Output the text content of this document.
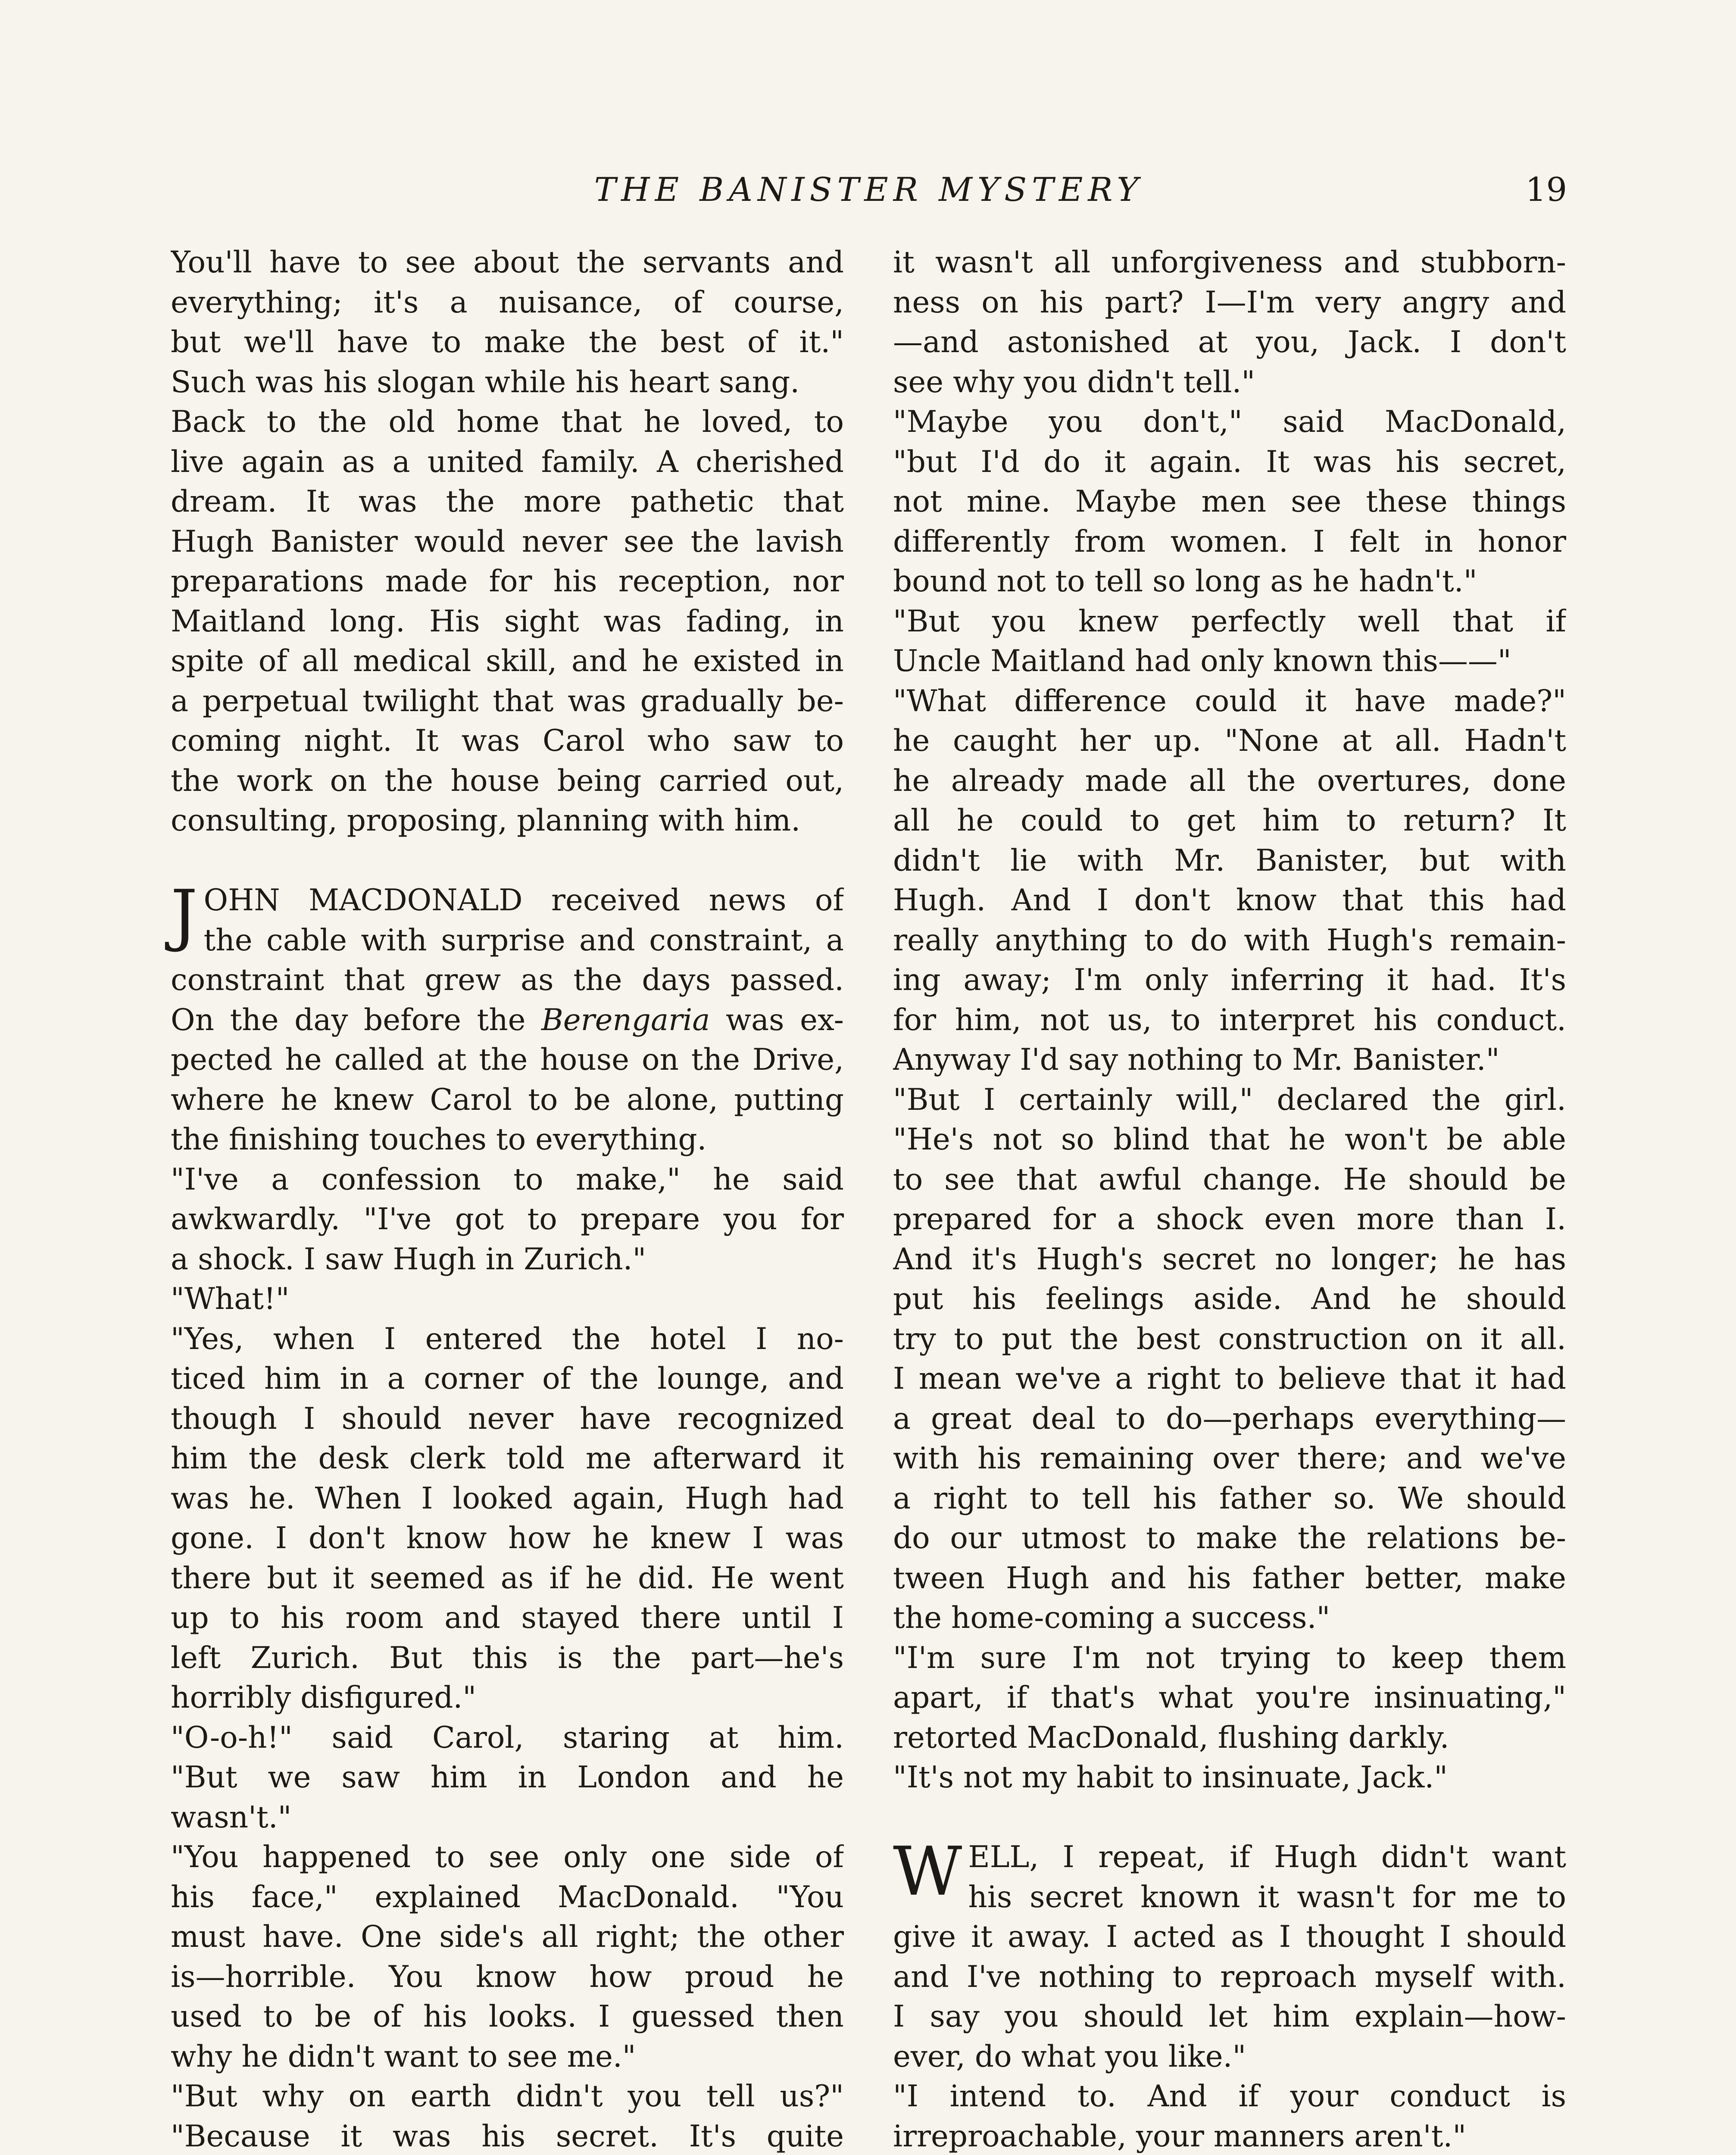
THE BANISTER MYSTERY	19
You'll have to see about the servants and
everything; it's a nuisance, of course,
but we'll have to make the best of it."
Such was his slogan while his heart sang.
Back to the old home that he loved, to
live again as a united family. A cherished
dream. It was the more pathetic that
Hugh Banister would never see the lavish
preparations made for his reception, nor
Maitland long. His sight was fading, in
spite of all medical skill, and he existed in
a perpetual twilight that was gradually be-
coming night. It was Carol who saw to
the work on the house being carried out,
consulting, proposing, planning with him.
J OHN MACDONALD received news of
the cable with surprise and constraint, a
constraint that grew as the days passed.
On the day before the Berengaria was ex-
pected he called at the house on the Drive,
where he knew Carol to be alone, putting
the finishing touches to everything.
"I've a confession to make," he said
awkwardly. "I've got to prepare you for
a shock. I saw Hugh in Zurich."
"What!"
"Yes, when I entered the hotel I no-
ticed him in a corner of the lounge, and
though I should never have recognized
him the desk clerk told me afterward it
was he. When I looked again, Hugh had
gone. I don't know how he knew I was
there but it seemed as if he did. He went
up to his room and stayed there until I
left Zurich. But this is the part—he's
horribly disfigured."
"O-o-h!" said Carol, staring at him.
"But we saw him in London and he
wasn't."
"You happened to see only one side of
his face," explained MacDonald. "You
must have. One side's all right; the other
is—horrible. You know how proud he
used to be of his looks. I guessed then
why he didn't want to see me."
"But why on earth didn't you tell us?"
"Because it was his secret. It's quite
it wasn't all unforgiveness and stubborn-
ness on his part? I—I'm very angry and
—and astonished at you, Jack. I don't
see why you didn't tell."
"Maybe you don't," said MacDonald,
"but I'd do it again. It was his secret,
not mine. Maybe men see these things
differently from women. I felt in honor
bound not to tell so long as he hadn't."
"But you knew perfectly well that if
Uncle Maitland had only known this——"
"What difference could it have made?"
he caught her up. "None at all. Hadn't
he already made all the overtures, done
all he could to get him to return? It
didn't lie with Mr. Banister, but with
Hugh. And I don't know that this had
really anything to do with Hugh's remain-
ing away; I'm only inferring it had. It's
for him, not us, to interpret his conduct.
Anyway I'd say nothing to Mr. Banister."
"But I certainly will," declared the girl.
"He's not so blind that he won't be able
to see that awful change. He should be
prepared for a shock even more than I.
And it's Hugh's secret no longer; he has
put his feelings aside. And he should
try to put the best construction on it all.
I mean we've a right to believe that it had
a great deal to do—perhaps everything—
with his remaining over there; and we've
a right to tell his father so. We should
do our utmost to make the relations be-
tween Hugh and his father better, make
the home-coming a success."
"I'm sure I'm not trying to keep them
apart, if that's what you're insinuating,"
retorted MacDonald, flushing darkly.
"It's not my habit to insinuate, Jack."
W ELL, I repeat, if Hugh didn't want
his secret known it wasn't for me to
give it away. I acted as I thought I should
and I've nothing to reproach myself with.
I say you should let him explain—how-
ever, do what you like."
"I intend to. And if your conduct is
irreproachable, your manners aren't."
